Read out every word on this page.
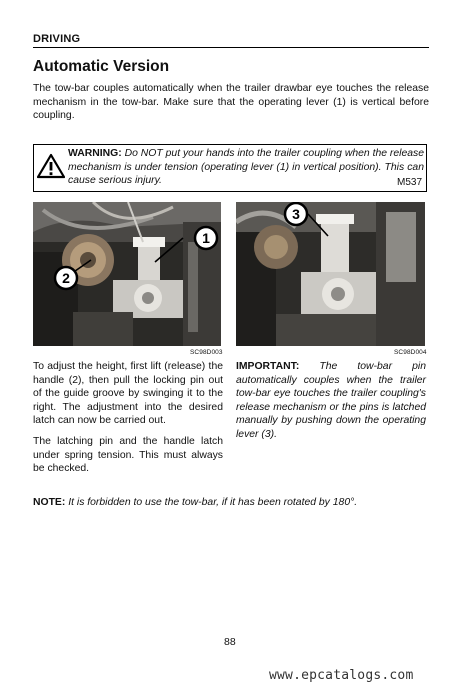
DRIVING
Automatic Version
The tow-bar couples automatically when the trailer drawbar eye touches the release mechanism in the tow-bar. Make sure that the operating lever (1) is vertical before coupling.
WARNING: Do NOT put your hands into the trailer coupling when the release mechanism is under tension (operating lever (1) in vertical position). This can cause serious injury.	M537
1
2
3
SC98D003	SC98D004

To adjust the height, first lift (release) the handle (2), then pull the locking pin out of the guide groove by swinging it to the right. The adjustment into the desired latch can now be carried out.

The latching pin and the handle latch under spring tension. This must always be checked.

IMPORTANT: The tow-bar pin automatically couples when the trailer tow-bar eye touches the trailer coupling's release mechanism or the pins is latched manually by pushing down the operating lever (3).
NOTE: It is forbidden to use the tow-bar, if it has been rotated by 180°.
88
www.epcatalogs.com
